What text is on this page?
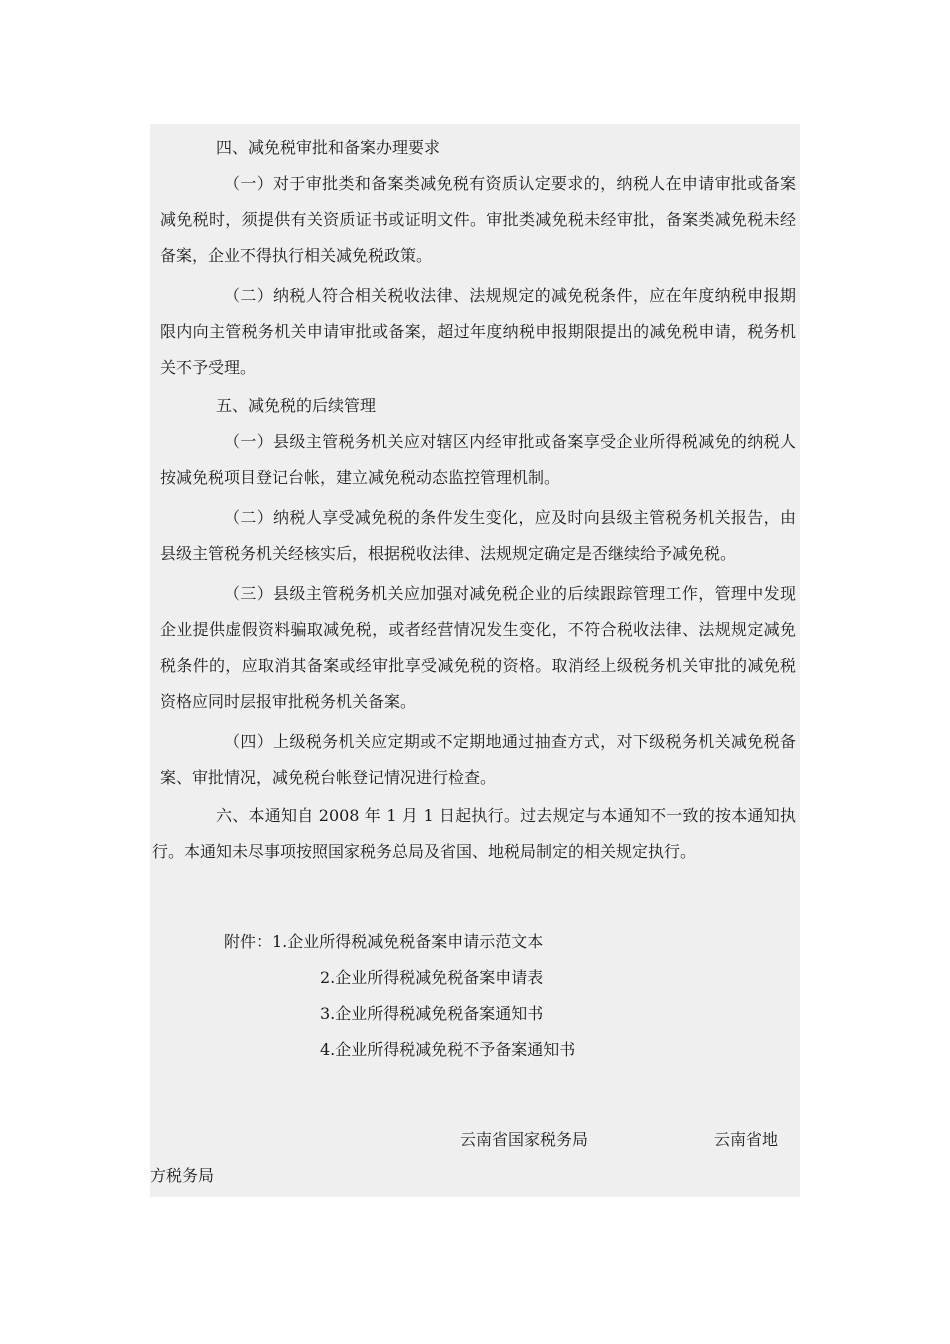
四、减免税审批和备案办理要求

（一）对于审批类和备案类减免税有资质认定要求的，纳税人在申请审批或备案减免税时，须提供有关资质证书或证明文件。审批类减免税未经审批，备案类减免税未经备案，企业不得执行相关减免税政策。

（二）纳税人符合相关税收法律、法规规定的减免税条件，应在年度纳税申报期限内向主管税务机关申请审批或备案，超过年度纳税申报期限提出的减免税申请，税务机关不予受理。

五、减免税的后续管理

（一）县级主管税务机关应对辖区内经审批或备案享受企业所得税减免的纳税人按减免税项目登记台帐，建立减免税动态监控管理机制。

（二）纳税人享受减免税的条件发生变化，应及时向县级主管税务机关报告，由县级主管税务机关经核实后，根据税收法律、法规规定确定是否继续给予减免税。

（三）县级主管税务机关应加强对减免税企业的后续跟踪管理工作，管理中发现企业提供虚假资料骗取减免税，或者经营情况发生变化，不符合税收法律、法规规定减免税条件的，应取消其备案或经审批享受减免税的资格。取消经上级税务机关审批的减免税资格应同时层报审批税务机关备案。

（四）上级税务机关应定期或不定期地通过抽查方式，对下级税务机关减免税备案、审批情况，减免税台帐登记情况进行检查。

六、本通知自 2008 年 1 月 1 日起执行。过去规定与本通知不一致的按本通知执行。本通知未尽事项按照国家税务总局及省国、地税局制定的相关规定执行。

附件：1.企业所得税减免税备案申请示范文本
2.企业所得税减免税备案申请表
3.企业所得税减免税备案通知书
4.企业所得税减免税不予备案通知书
云南省国家税务局	云南省地
方税务局
